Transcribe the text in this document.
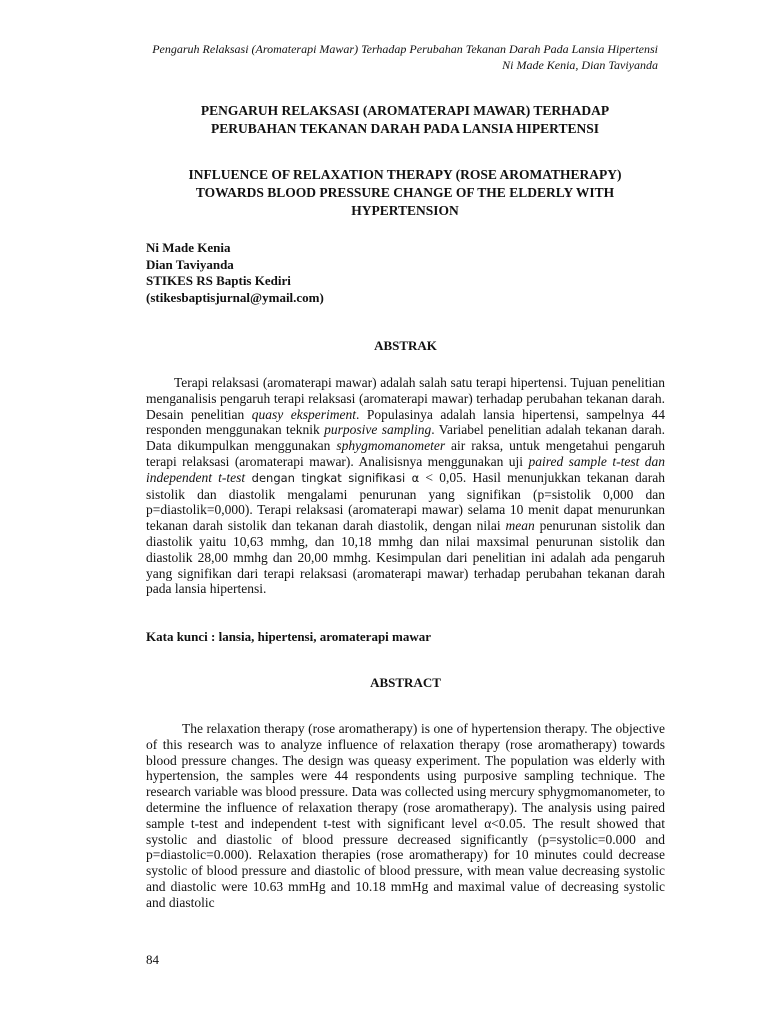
Pengaruh Relaksasi (Aromaterapi Mawar) Terhadap Perubahan Tekanan Darah Pada Lansia Hipertensi
Ni Made Kenia, Dian Taviyanda
PENGARUH RELAKSASI (AROMATERAPI MAWAR) TERHADAP
PERUBAHAN TEKANAN DARAH PADA LANSIA HIPERTENSI
INFLUENCE OF RELAXATION THERAPY (ROSE AROMATHERAPY)
TOWARDS BLOOD PRESSURE CHANGE OF THE ELDERLY WITH
HYPERTENSION
Ni Made Kenia
Dian Taviyanda
STIKES RS Baptis Kediri
(stikesbaptisjurnal@ymail.com)
ABSTRAK

Terapi relaksasi (aromaterapi mawar) adalah salah satu terapi hipertensi. Tujuan penelitian menganalisis pengaruh terapi relaksasi (aromaterapi mawar) terhadap perubahan tekanan darah. Desain penelitian quasy eksperiment. Populasinya adalah lansia hipertensi, sampelnya 44 responden menggunakan teknik purposive sampling. Variabel penelitian adalah tekanan darah. Data dikumpulkan menggunakan sphygmomanometer air raksa, untuk mengetahui pengaruh terapi relaksasi (aromaterapi mawar). Analisisnya menggunakan uji paired sample t-test dan independent t-test dengan tingkat signifikasi α < 0,05. Hasil menunjukkan tekanan darah sistolik dan diastolik mengalami penurunan yang signifikan (p=sistolik 0,000 dan p=diastolik=0,000). Terapi relaksasi (aromaterapi mawar) selama 10 menit dapat menurunkan tekanan darah sistolik dan tekanan darah diastolik, dengan nilai mean penurunan sistolik dan diastolik yaitu 10,63 mmhg, dan 10,18 mmhg dan nilai maxsimal penurunan sistolik dan diastolik 28,00 mmhg dan 20,00 mmhg. Kesimpulan dari penelitian ini adalah ada pengaruh yang signifikan dari terapi relaksasi (aromaterapi mawar) terhadap perubahan tekanan darah pada lansia hipertensi.

Kata kunci : lansia, hipertensi, aromaterapi mawar
ABSTRACT

The relaxation therapy (rose aromatherapy) is one of hypertension therapy. The objective of this research was to analyze influence of relaxation therapy (rose aromatherapy) towards blood pressure changes. The design was queasy experiment. The population was elderly with hypertension, the samples were 44 respondents using purposive sampling technique. The research variable was blood pressure. Data was collected using mercury sphygmomanometer, to determine the influence of relaxation therapy (rose aromatherapy). The analysis using paired sample t-test and independent t-test with significant level α<0.05. The result showed that systolic and diastolic of blood pressure decreased significantly (p=systolic=0.000 and p=diastolic=0.000). Relaxation therapies (rose aromatherapy) for 10 minutes could decrease systolic of blood pressure and diastolic of blood pressure, with mean value decreasing systolic and diastolic were 10.63 mmHg and 10.18 mmHg and maximal value of decreasing systolic and diastolic

84
